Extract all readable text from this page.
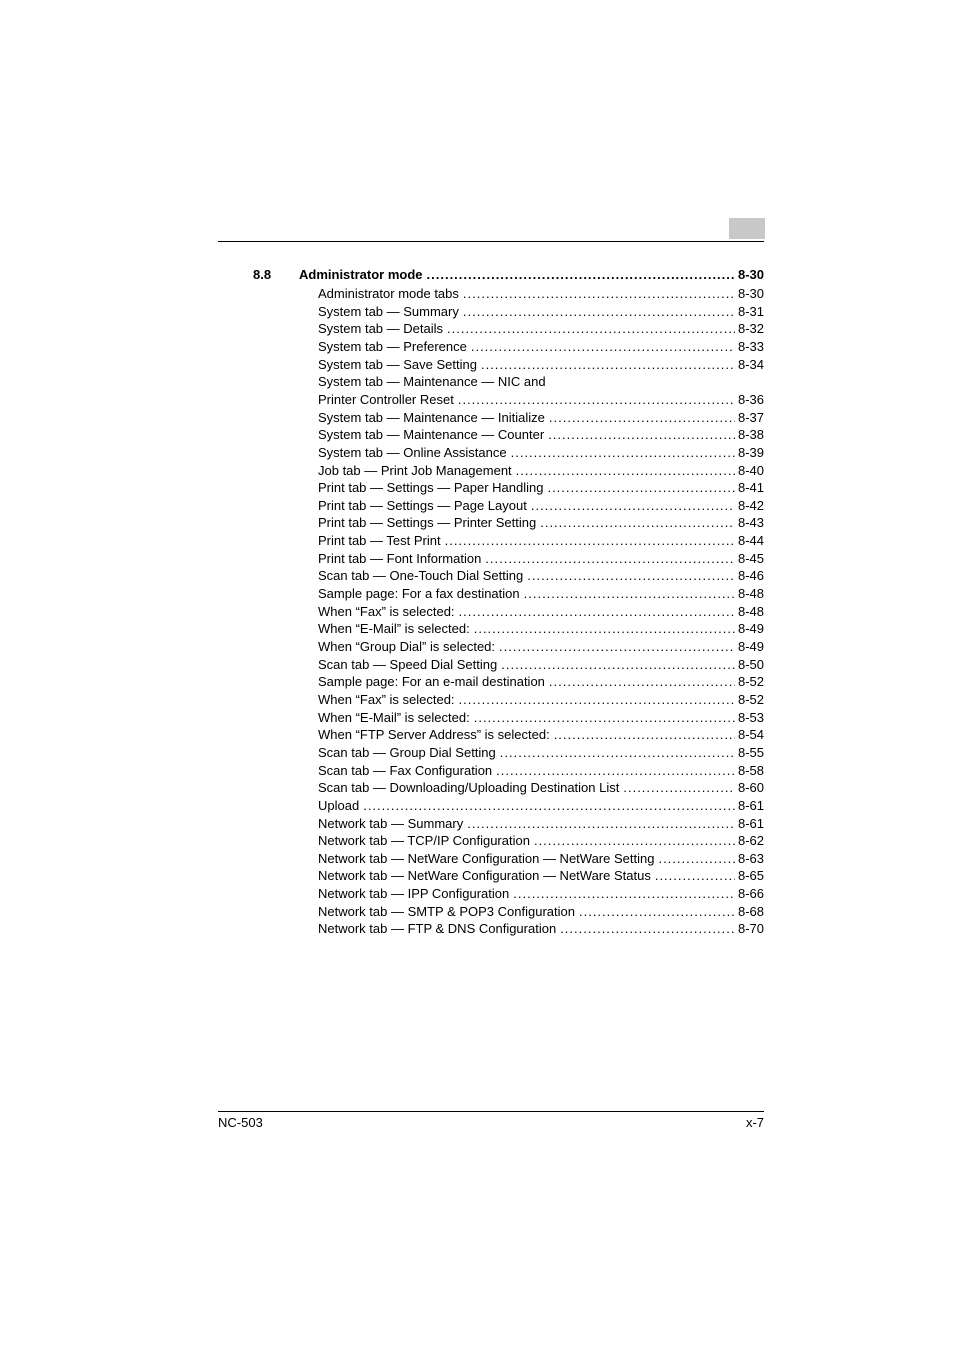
8.8 Administrator mode .....	8-30
Administrator mode tabs .....	8-30
System tab — Summary .....	8-31
System tab — Details .....	8-32
System tab — Preference .....	8-33
System tab — Save Setting .....	8-34
System tab — Maintenance — NIC and
Printer Controller Reset .....	8-36
System tab — Maintenance — Initialize .....	8-37
System tab — Maintenance — Counter .....	8-38
System tab — Online Assistance .....	8-39
Job tab — Print Job Management .....	8-40
Print tab — Settings — Paper Handling .....	8-41
Print tab — Settings — Page Layout .....	8-42
Print tab — Settings — Printer Setting .....	8-43
Print tab — Test Print .....	8-44
Print tab — Font Information .....	8-45
Scan tab — One-Touch Dial Setting .....	8-46
Sample page: For a fax destination .....	8-48
When “Fax” is selected: .....	8-48
When “E-Mail” is selected: .....	8-49
When “Group Dial” is selected: .....	8-49
Scan tab — Speed Dial Setting .....	8-50
Sample page: For an e-mail destination .....	8-52
When “Fax” is selected: .....	8-52
When “E-Mail” is selected: .....	8-53
When “FTP Server Address” is selected: .....	8-54
Scan tab — Group Dial Setting .....	8-55
Scan tab — Fax Configuration .....	8-58
Scan tab — Downloading/Uploading Destination List .....	8-60
Upload .....	8-61
Network tab — Summary .....	8-61
Network tab — TCP/IP Configuration .....	8-62
Network tab — NetWare Configuration — NetWare Setting .....	8-63
Network tab — NetWare Configuration — NetWare Status .....	8-65
Network tab — IPP Configuration .....	8-66
Network tab — SMTP & POP3 Configuration .....	8-68
Network tab — FTP & DNS Configuration .....	8-70
NC-503	x-7
